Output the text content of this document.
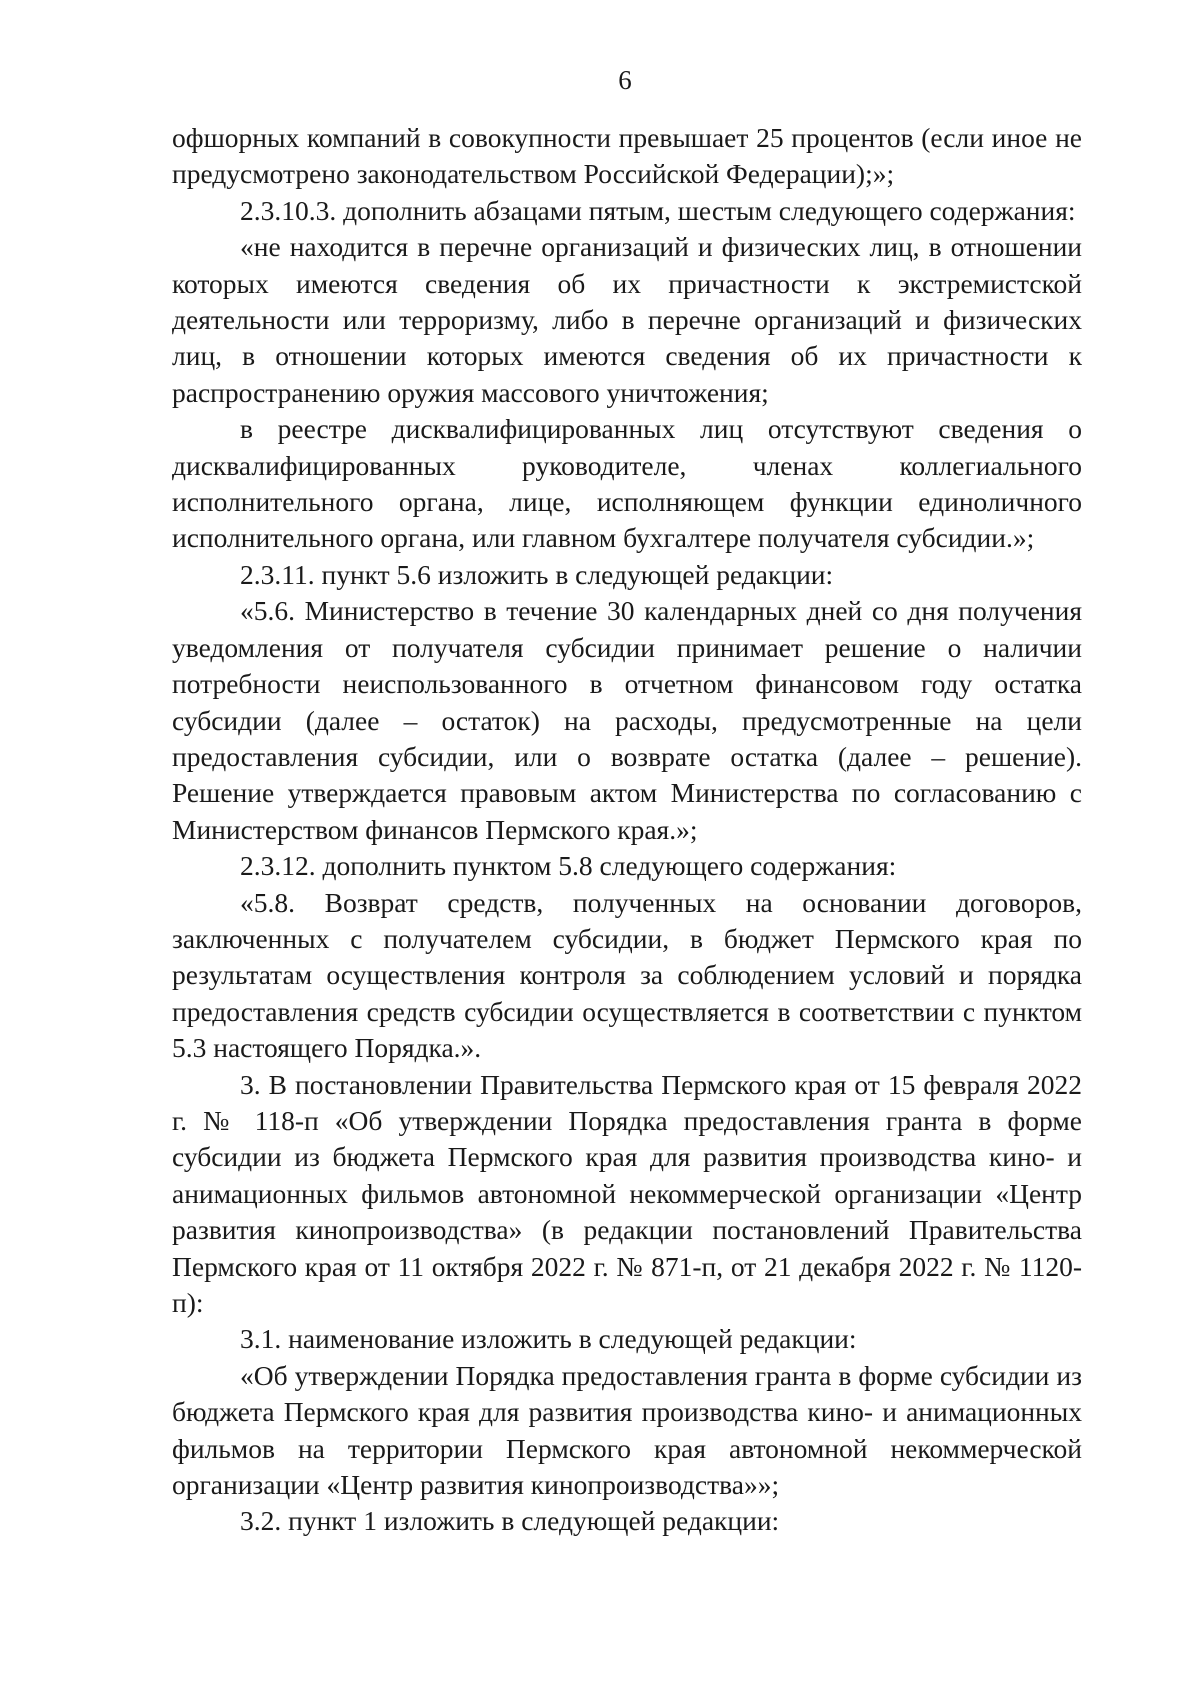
6

офшорных компаний в совокупности превышает 25 процентов (если иное не предусмотрено законодательством Российской Федерации);»;

2.3.10.3. дополнить абзацами пятым, шестым следующего содержания:

«не находится в перечне организаций и физических лиц, в отношении которых имеются сведения об их причастности к экстремистской деятельности или терроризму, либо в перечне организаций и физических лиц, в отношении которых имеются сведения об их причастности к распространению оружия массового уничтожения;

в реестре дисквалифицированных лиц отсутствуют сведения о дисквалифицированных руководителе, членах коллегиального исполнительного органа, лице, исполняющем функции единоличного исполнительного органа, или главном бухгалтере получателя субсидии.»;

2.3.11. пункт 5.6 изложить в следующей редакции:

«5.6. Министерство в течение 30 календарных дней со дня получения уведомления от получателя субсидии принимает решение о наличии потребности неиспользованного в отчетном финансовом году остатка субсидии (далее – остаток) на расходы, предусмотренные на цели предоставления субсидии, или о возврате остатка (далее – решение). Решение утверждается правовым актом Министерства по согласованию с Министерством финансов Пермского края.»;

2.3.12. дополнить пунктом 5.8 следующего содержания:

«5.8. Возврат средств, полученных на основании договоров, заключенных с получателем субсидии, в бюджет Пермского края по результатам осуществления контроля за соблюдением условий и порядка предоставления средств субсидии осуществляется в соответствии с пунктом 5.3 настоящего Порядка.».

3. В постановлении Правительства Пермского края от 15 февраля 2022 г. № 118-п «Об утверждении Порядка предоставления гранта в форме субсидии из бюджета Пермского края для развития производства кино- и анимационных фильмов автономной некоммерческой организации «Центр развития кинопроизводства» (в редакции постановлений Правительства Пермского края от 11 октября 2022 г. № 871-п, от 21 декабря 2022 г. № 1120-п):

3.1. наименование изложить в следующей редакции:

«Об утверждении Порядка предоставления гранта в форме субсидии из бюджета Пермского края для развития производства кино- и анимационных фильмов на территории Пермского края автономной некоммерческой организации «Центр развития кинопроизводства»»;

3.2. пункт 1 изложить в следующей редакции:
